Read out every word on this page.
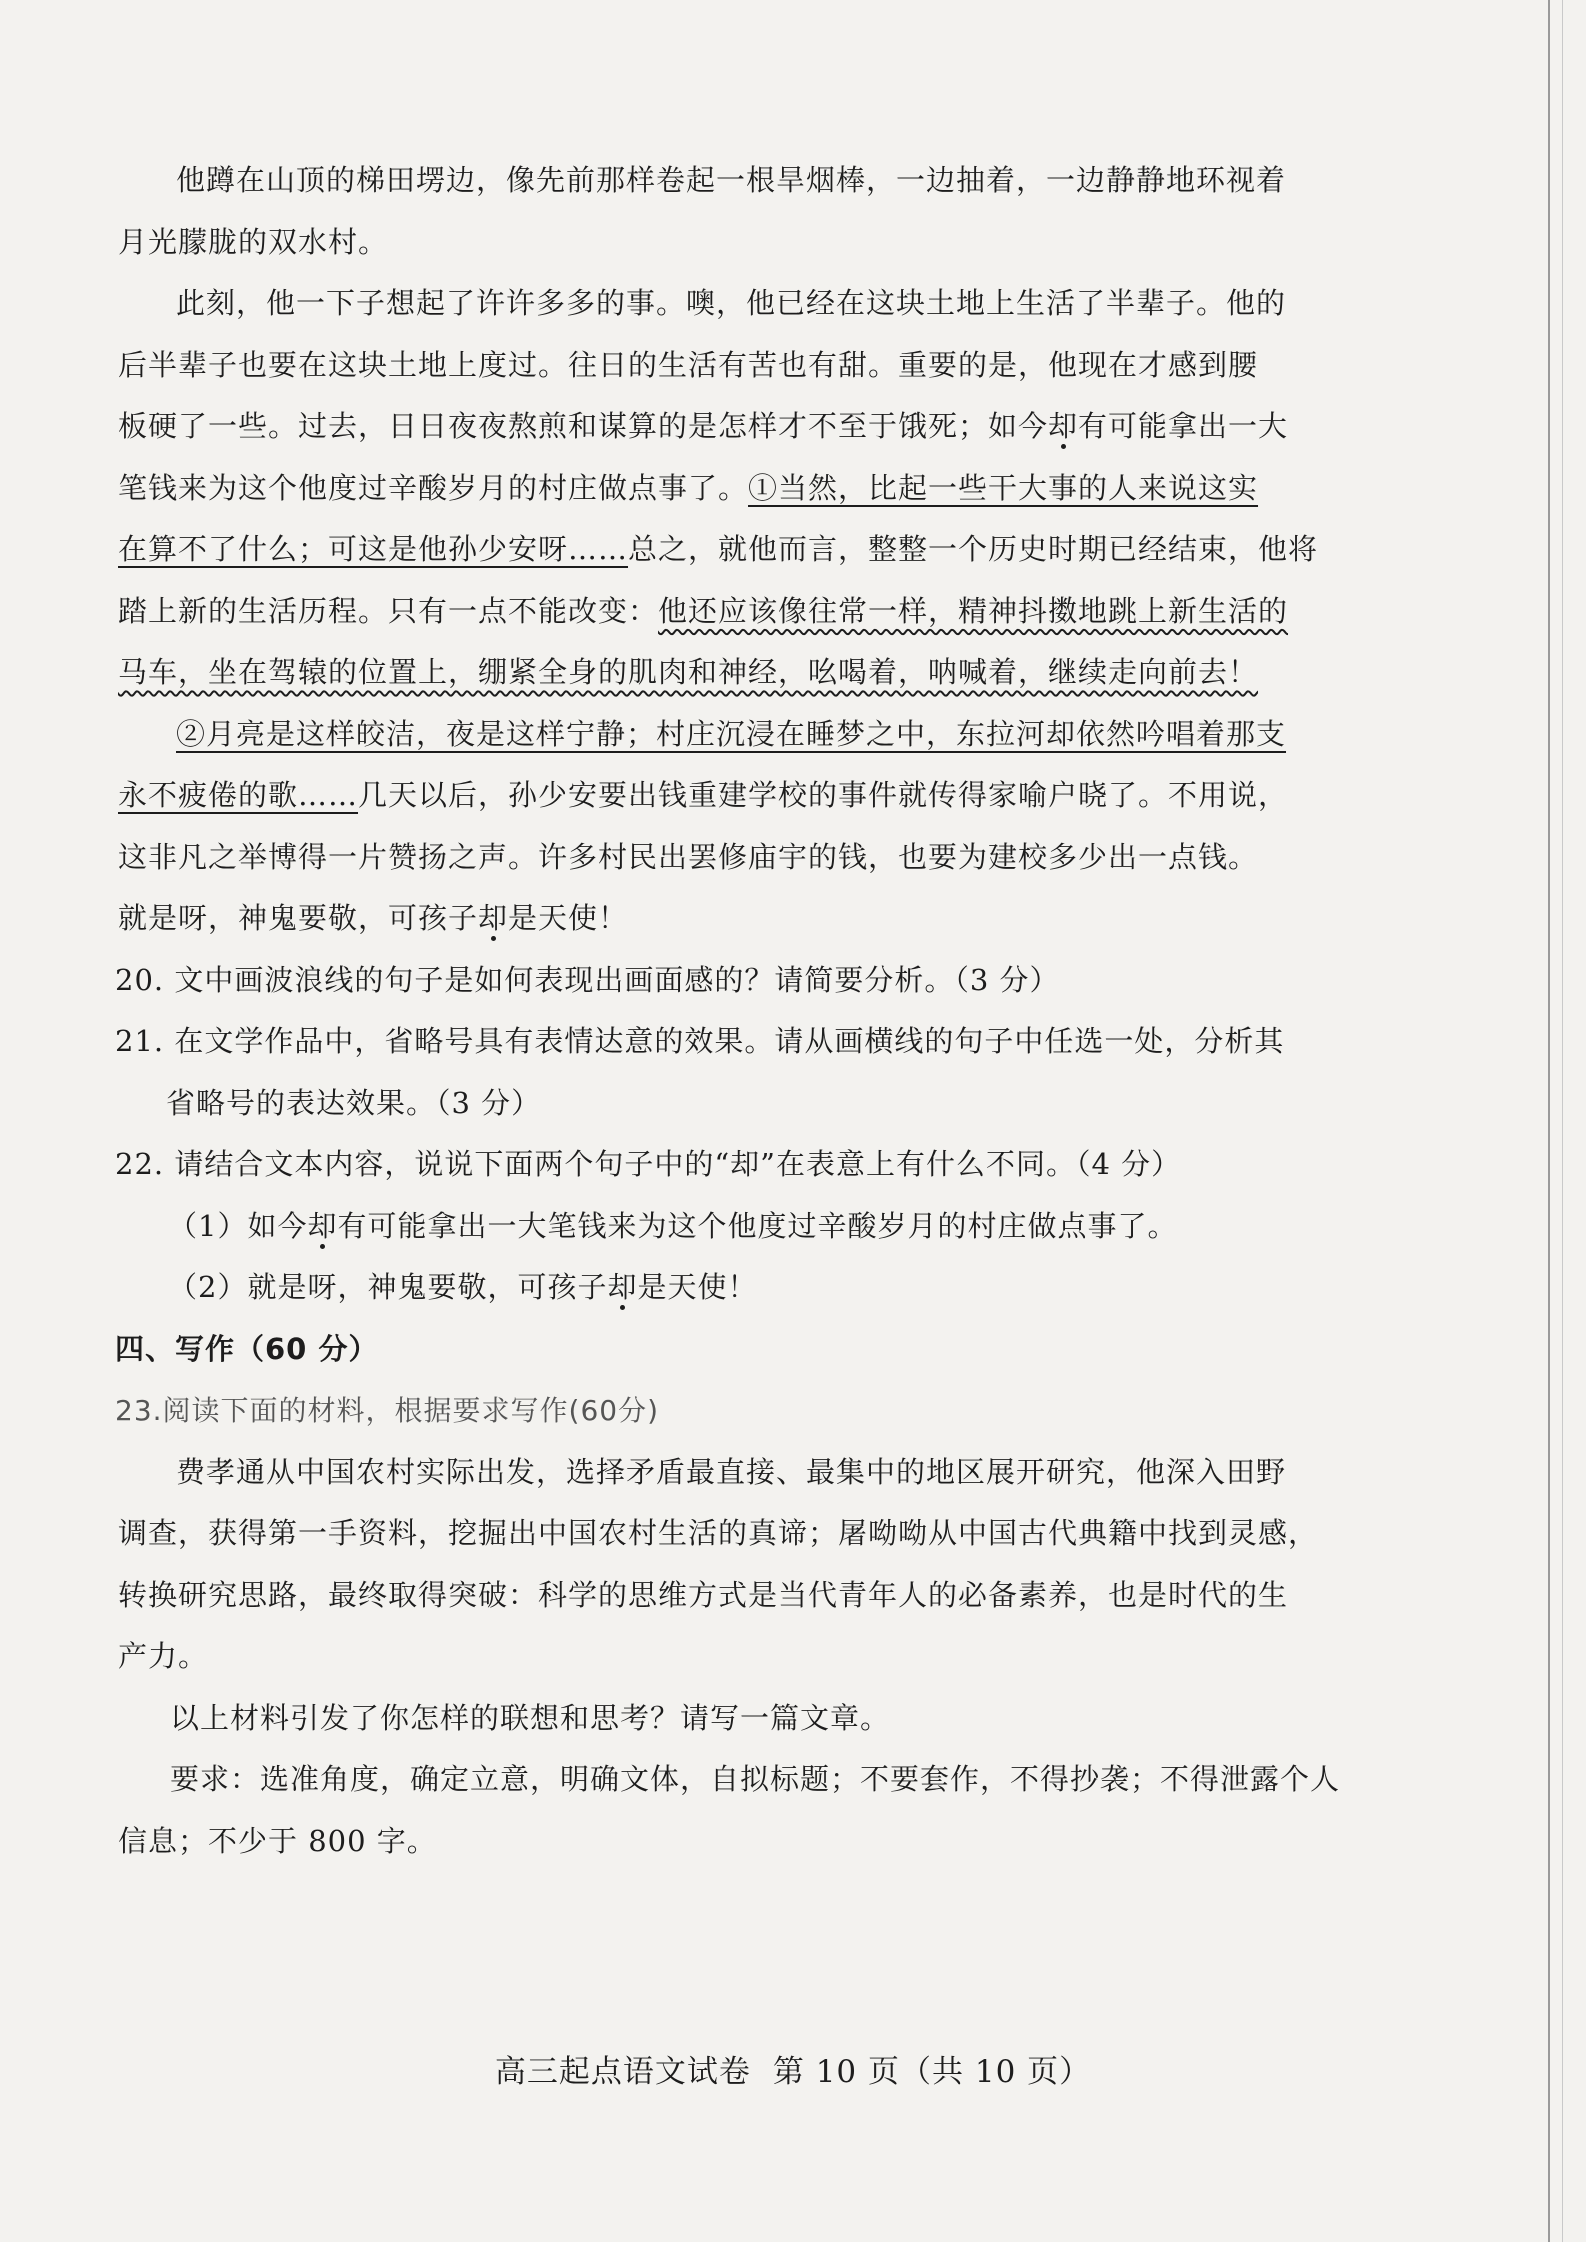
他蹲在山顶的梯田塄边，像先前那样卷起一根旱烟棒，一边抽着，一边静静地环视着
月光朦胧的双水村。
此刻，他一下子想起了许许多多的事。噢，他已经在这块土地上生活了半辈子。他的
后半辈子也要在这块土地上度过。往日的生活有苦也有甜。重要的是，他现在才感到腰
板硬了一些。过去，日日夜夜熬煎和谋算的是怎样才不至于饿死；如今却有可能拿出一大
笔钱来为这个他度过辛酸岁月的村庄做点事了。①当然，比起一些干大事的人来说这实
在算不了什么；可这是他孙少安呀……总之，就他而言，整整一个历史时期已经结束，他将
踏上新的生活历程。只有一点不能改变：他还应该像往常一样，精神抖擞地跳上新生活的
马车，坐在驾辕的位置上，绷紧全身的肌肉和神经，吆喝着，呐喊着，继续走向前去！
②月亮是这样皎洁，夜是这样宁静；村庄沉浸在睡梦之中，东拉河却依然吟唱着那支
永不疲倦的歌……几天以后，孙少安要出钱重建学校的事件就传得家喻户晓了。不用说，
这非凡之举博得一片赞扬之声。许多村民出罢修庙宇的钱，也要为建校多少出一点钱。
就是呀，神鬼要敬，可孩子却是天使！
20. 文中画波浪线的句子是如何表现出画面感的？请简要分析。（3 分）
21. 在文学作品中，省略号具有表情达意的效果。请从画横线的句子中任选一处，分析其
省略号的表达效果。（3 分）
22. 请结合文本内容，说说下面两个句子中的“却”在表意上有什么不同。（4 分）
（1）如今却有可能拿出一大笔钱来为这个他度过辛酸岁月的村庄做点事了。
（2）就是呀，神鬼要敬，可孩子却是天使！
四、写作（60 分）
23.阅读下面的材料，根据要求写作(60分)
费孝通从中国农村实际出发，选择矛盾最直接、最集中的地区展开研究，他深入田野
调查，获得第一手资料，挖掘出中国农村生活的真谛；屠呦呦从中国古代典籍中找到灵感，
转换研究思路，最终取得突破：科学的思维方式是当代青年人的必备素养，也是时代的生
产力。
以上材料引发了你怎样的联想和思考？请写一篇文章。
要求：选准角度，确定立意，明确文体，自拟标题；不要套作，不得抄袭；不得泄露个人
信息；不少于 800 字。
高三起点语文试卷 第 10 页（共 10 页）
